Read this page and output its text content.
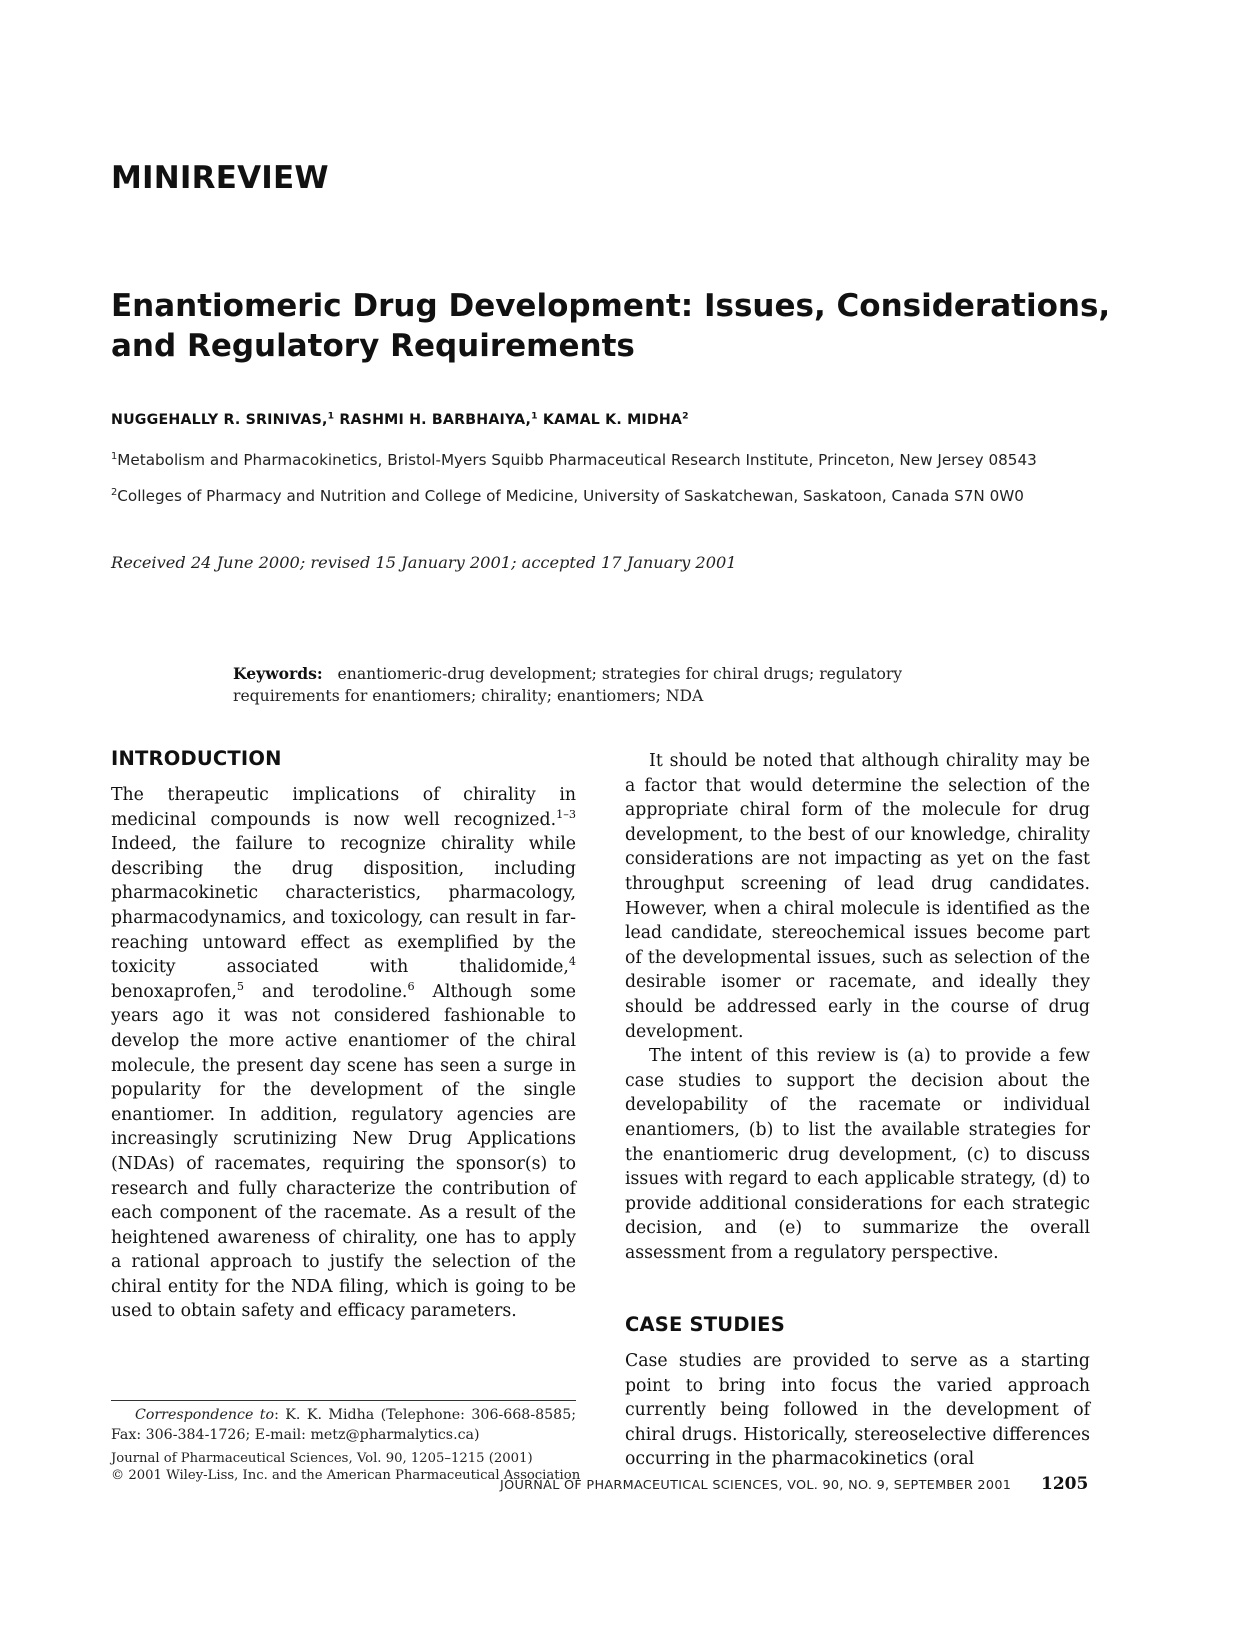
MINIREVIEW
Enantiomeric Drug Development: Issues, Considerations, and Regulatory Requirements
NUGGEHALLY R. SRINIVAS,$^1$ RASHMI H. BARBHAIYA,$^1$ KAMAL K. MIDHA$^2$
$^1$Metabolism and Pharmacokinetics, Bristol-Myers Squibb Pharmaceutical Research Institute, Princeton, New Jersey 08543
$^2$Colleges of Pharmacy and Nutrition and College of Medicine, University of Saskatchewan, Saskatoon, Canada S7N 0W0
Received 24 June 2000; revised 15 January 2001; accepted 17 January 2001
Keywords: enantiomeric-drug development; strategies for chiral drugs; regulatory requirements for enantiomers; chirality; enantiomers; NDA
INTRODUCTION

The therapeutic implications of chirality in medicinal compounds is now well recognized.$^{1-3}$ Indeed, the failure to recognize chirality while describing the drug disposition, including pharmacokinetic characteristics, pharmacology, pharmacodynamics, and toxicology, can result in far-reaching untoward effect as exemplified by the toxicity associated with thalidomide,$^4$ benoxaprofen,$^5$ and terodoline.$^6$ Although some years ago it was not considered fashionable to develop the more active enantiomer of the chiral molecule, the present day scene has seen a surge in popularity for the development of the single enantiomer. In addition, regulatory agencies are increasingly scrutinizing New Drug Applications (NDAs) of racemates, requiring the sponsor(s) to research and fully characterize the contribution of each component of the racemate. As a result of the heightened awareness of chirality, one has to apply a rational approach to justify the selection of the chiral entity for the NDA filing, which is going to be used to obtain safety and efficacy parameters.

It should be noted that although chirality may be a factor that would determine the selection of the appropriate chiral form of the molecule for drug development, to the best of our knowledge, chirality considerations are not impacting as yet on the fast throughput screening of lead drug candidates. However, when a chiral molecule is identified as the lead candidate, stereochemical issues become part of the developmental issues, such as selection of the desirable isomer or racemate, and ideally they should be addressed early in the course of drug development.

The intent of this review is (a) to provide a few case studies to support the decision about the developability of the racemate or individual enantiomers, (b) to list the available strategies for the enantiomeric drug development, (c) to discuss issues with regard to each applicable strategy, (d) to provide additional considerations for each strategic decision, and (e) to summarize the overall assessment from a regulatory perspective.

CASE STUDIES

Case studies are provided to serve as a starting point to bring into focus the varied approach currently being followed in the development of chiral drugs. Historically, stereoselective differences occurring in the pharmacokinetics (oral

Correspondence to: K. K. Midha (Telephone: 306-668-8585; Fax: 306-384-1726; E-mail: metz@pharmalytics.ca)

Journal of Pharmaceutical Sciences, Vol. 90, 1205–1215 (2001)
© 2001 Wiley-Liss, Inc. and the American Pharmaceutical Association
JOURNAL OF PHARMACEUTICAL SCIENCES, VOL. 90, NO. 9, SEPTEMBER 2001 1205
